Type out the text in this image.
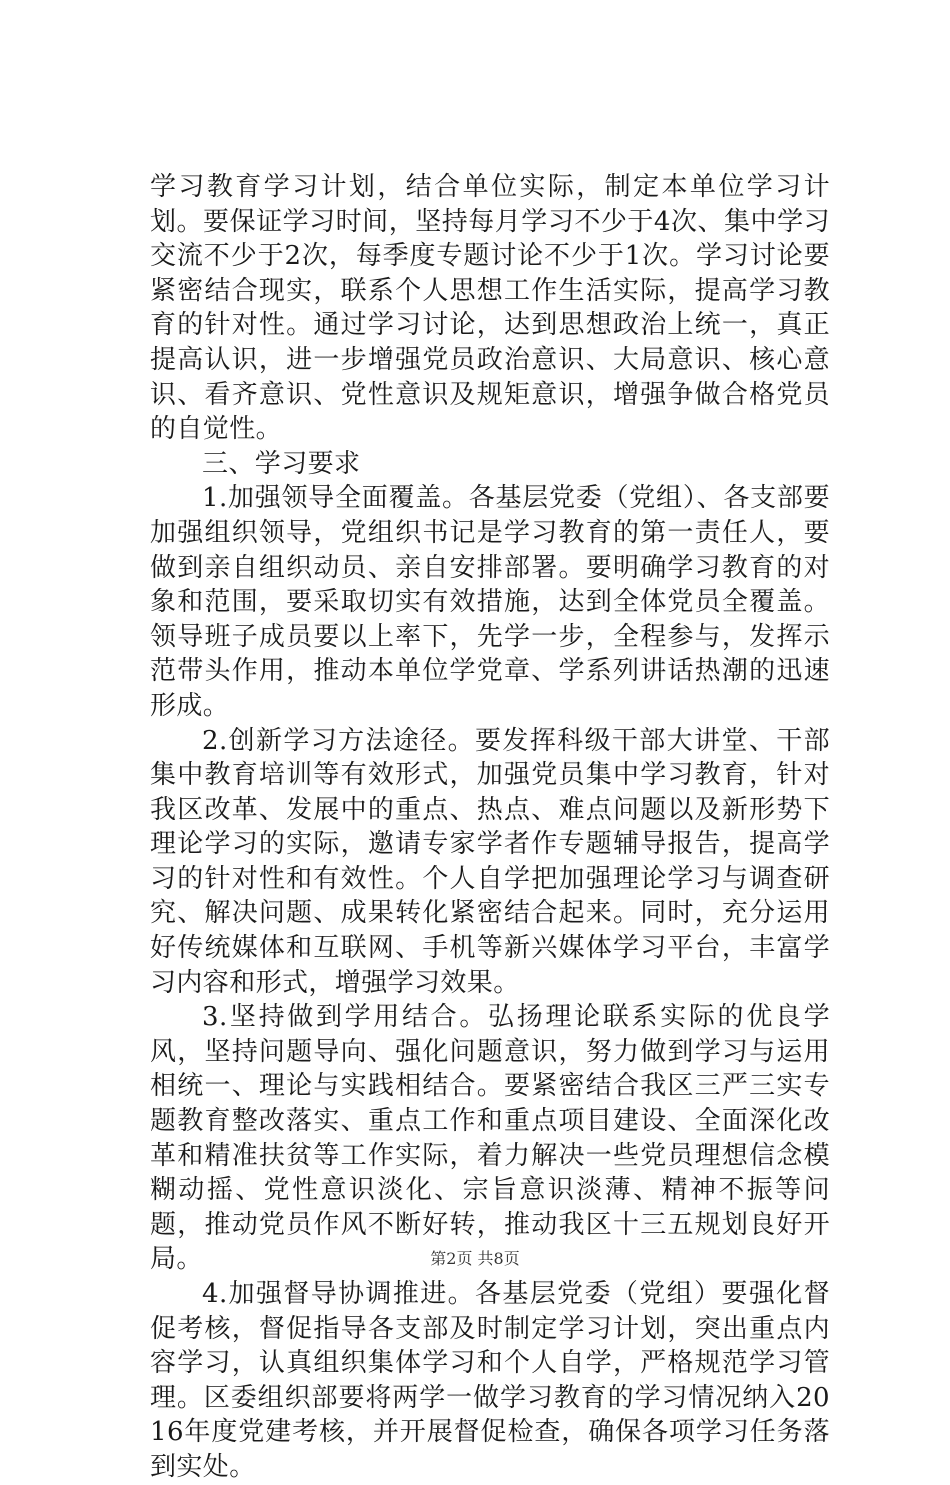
学习教育学习计划，结合单位实际，制定本单位学习计划。要保证学习时间，坚持每月学习不少于4次、集中学习交流不少于2次，每季度专题讨论不少于1次。学习讨论要紧密结合现实，联系个人思想工作生活实际，提高学习教育的针对性。通过学习讨论，达到思想政治上统一，真正提高认识，进一步增强党员政治意识、大局意识、核心意识、看齐意识、党性意识及规矩意识，增强争做合格党员的自觉性。

三、学习要求

1.加强领导全面覆盖。各基层党委（党组）、各支部要加强组织领导，党组织书记是学习教育的第一责任人，要做到亲自组织动员、亲自安排部署。要明确学习教育的对象和范围，要采取切实有效措施，达到全体党员全覆盖。领导班子成员要以上率下，先学一步，全程参与，发挥示范带头作用，推动本单位学党章、学系列讲话热潮的迅速形成。

2.创新学习方法途径。要发挥科级干部大讲堂、干部集中教育培训等有效形式，加强党员集中学习教育，针对我区改革、发展中的重点、热点、难点问题以及新形势下理论学习的实际，邀请专家学者作专题辅导报告，提高学习的针对性和有效性。个人自学把加强理论学习与调查研究、解决问题、成果转化紧密结合起来。同时，充分运用好传统媒体和互联网、手机等新兴媒体学习平台，丰富学习内容和形式，增强学习效果。

3.坚持做到学用结合。弘扬理论联系实际的优良学风，坚持问题导向、强化问题意识，努力做到学习与运用相统一、理论与实践相结合。要紧密结合我区三严三实专题教育整改落实、重点工作和重点项目建设、全面深化改革和精准扶贫等工作实际，着力解决一些党员理想信念模糊动摇、党性意识淡化、宗旨意识淡薄、精神不振等问题，推动党员作风不断好转，推动我区十三五规划良好开局。

4.加强督导协调推进。各基层党委（党组）要强化督促考核，督促指导各支部及时制定学习计划，突出重点内容学习，认真组织集体学习和个人自学，严格规范学习管理。区委组织部要将两学一做学习教育的学习情况纳入2016年度党建考核，并开展督促检查，确保各项学习任务落到实处。

第2页 共8页
